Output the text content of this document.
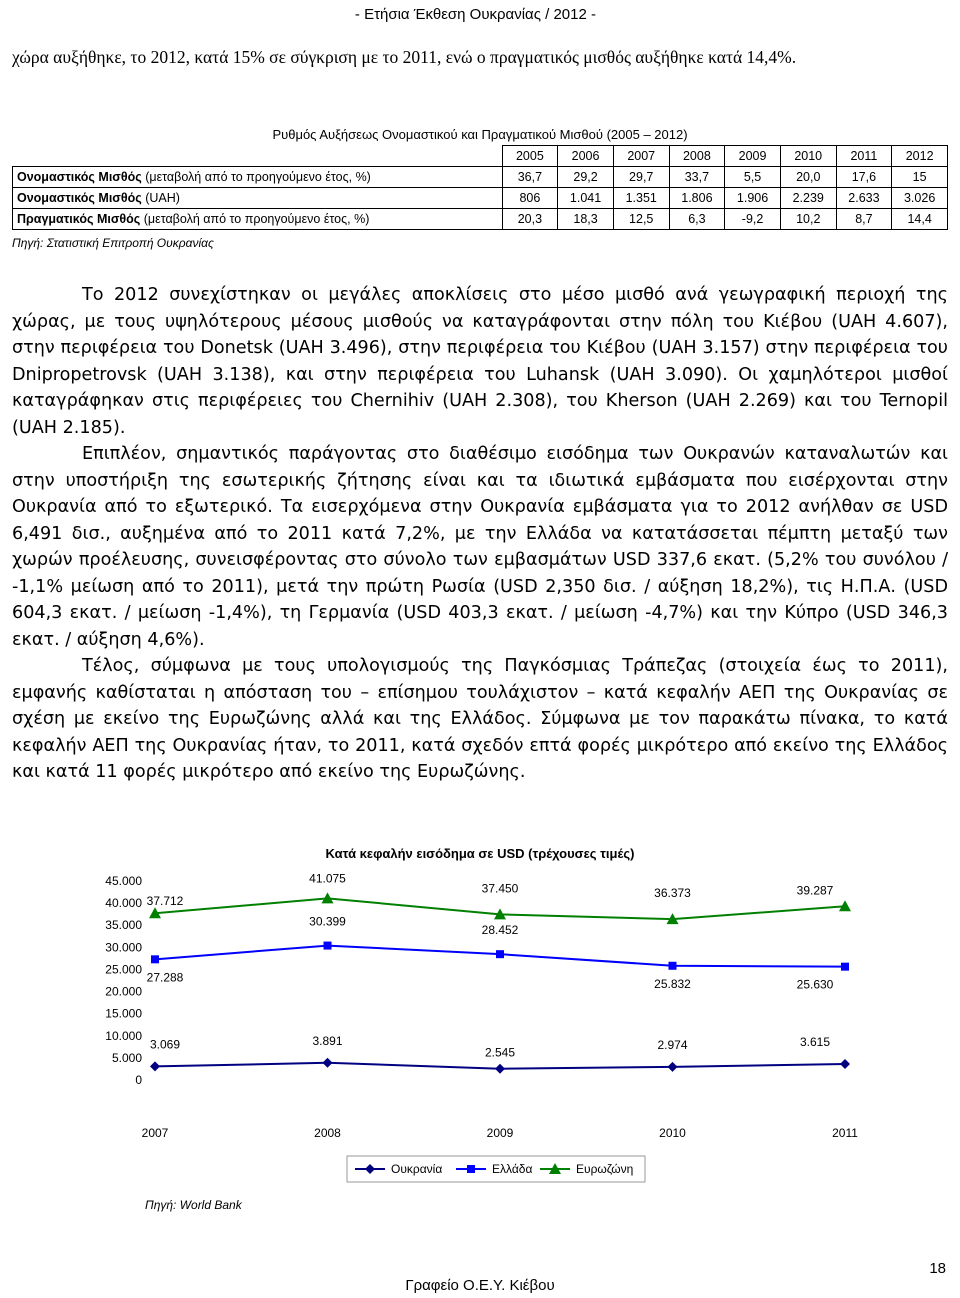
- Ετήσια Έκθεση Ουκρανίας / 2012 -
χώρα αυξήθηκε, το 2012, κατά 15% σε σύγκριση με το 2011, ενώ ο πραγματικός μισθός αυξήθηκε κατά 14,4%.
Ρυθμός Αυξήσεως Ονομαστικού και Πραγματικού Μισθού (2005 – 2012)
	2005	2006	2007	2008	2009	2010	2011	2012
Ονομαστικός Μισθός (μεταβολή από το προηγούμενο έτος, %)	36,7	29,2	29,7	33,7	5,5	20,0	17,6	15
Ονομαστικός Μισθός (UAH)	806	1.041	1.351	1.806	1.906	2.239	2.633	3.026
Πραγματικός Μισθός (μεταβολή από το προηγούμενο έτος, %)	20,3	18,3	12,5	6,3	-9,2	10,2	8,7	14,4
Πηγή: Στατιστική Επιτροπή Ουκρανίας

Το 2012 συνεχίστηκαν οι μεγάλες αποκλίσεις στο μέσο μισθό ανά γεωγραφική περιοχή της χώρας, με τους υψηλότερους μέσους μισθούς να καταγράφονται στην πόλη του Κιέβου (UAH 4.607), στην περιφέρεια του Donetsk (UAH 3.496), στην περιφέρεια του Κιέβου (UAH 3.157) στην περιφέρεια του Dnipropetrovsk (UAH 3.138), και στην περιφέρεια του Luhansk (UAH 3.090). Οι χαμηλότεροι μισθοί καταγράφηκαν στις περιφέρειες του Chernihiv (UAH 2.308), του Kherson (UAH 2.269) και του Ternopil (UAH 2.185).

Επιπλέον, σημαντικός παράγοντας στο διαθέσιμο εισόδημα των Ουκρανών καταναλωτών και στην υποστήριξη της εσωτερικής ζήτησης είναι και τα ιδιωτικά εμβάσματα που εισέρχονται στην Ουκρανία από το εξωτερικό. Τα εισερχόμενα στην Ουκρανία εμβάσματα για το 2012 ανήλθαν σε USD 6,491 δισ., αυξημένα από το 2011 κατά 7,2%, με την Ελλάδα να κατατάσσεται πέμπτη μεταξύ των χωρών προέλευσης, συνεισφέροντας στο σύνολο των εμβασμάτων USD 337,6 εκατ. (5,2% του συνόλου / -1,1% μείωση από το 2011), μετά την πρώτη Ρωσία (USD 2,350 δισ. / αύξηση 18,2%), τις Η.Π.Α. (USD 604,3 εκατ. / μείωση -1,4%), τη Γερμανία (USD 403,3 εκατ. / μείωση -4,7%) και την Κύπρο (USD 346,3 εκατ. / αύξηση 4,6%).

Τέλος, σύμφωνα με τους υπολογισμούς της Παγκόσμιας Τράπεζας (στοιχεία έως το 2011), εμφανής καθίσταται η απόσταση του – επίσημου τουλάχιστον – κατά κεφαλήν ΑΕΠ της Ουκρανίας σε σχέση με εκείνο της Ευρωζώνης αλλά και της Ελλάδος. Σύμφωνα με τον παρακάτω πίνακα, το κατά κεφαλήν ΑΕΠ της Ουκρανίας ήταν, το 2011, κατά σχεδόν επτά φορές μικρότερο από εκείνο της Ελλάδος και κατά 11 φορές μικρότερο από εκείνο της Ευρωζώνης.

Κατά κεφαλήν εισόδημα σε USD (τρέχουσες τιμές)
0
5.000
10.000
15.000
20.000
25.000
30.000
35.000
40.000
45.000
2007	2008	2009	2010	2011
3.069	3.891
2.545
2.974	3.615
27.288
30.399
28.452
25.832	25.630
37.712
41.075
37.450	36.373	39.287
Ουκρανία	Ελλάδα	Ευρωζώνη
Πηγή: World Bank
Γραφείο Ο.Ε.Υ. Κιέβου
18
